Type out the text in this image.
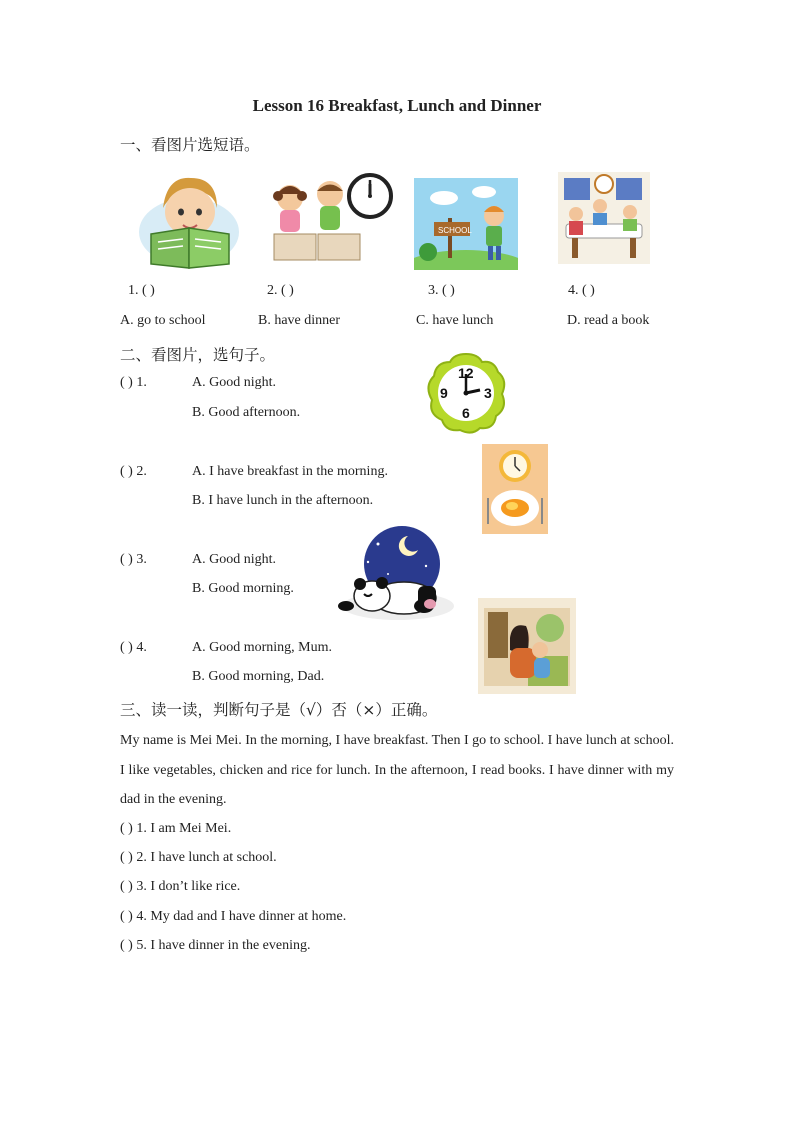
Lesson 16 Breakfast, Lunch and Dinner
一、看图片选短语。
SCHOOL
1. ( )	2. ( )	3. ( )	4. ( )
A. go to school	B. have dinner	C. have lunch	D. read a book
二、看图片，选句子。
( ) 1.	A. Good night.
B. Good afternoon.
( ) 2.	A. I have breakfast in the morning.
B. I have lunch in the afternoon.
( ) 3.	A. Good night.
B. Good morning.
( ) 4.	A. Good morning, Mum.
B. Good morning, Dad.
12
3
6
9
三、读一读，判断句子是（√）否（×）正确。
My name is Mei Mei. In the morning, I have breakfast. Then I go to school. I have lunch at school. I like vegetables, chicken and rice for lunch. In the afternoon, I read books. I have dinner with my dad in the evening.
( ) 1. I am Mei Mei.
( ) 2. I have lunch at school.
( ) 3. I don’t like rice.
( ) 4. My dad and I have dinner at home.
( ) 5. I have dinner in the evening.
